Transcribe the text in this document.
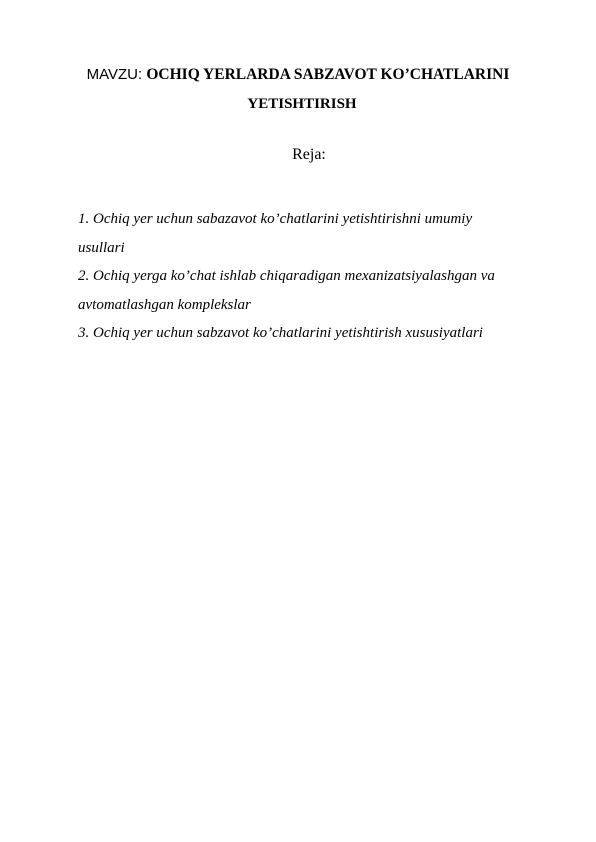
MAVZU: OCHIQ YERLARDA SABZAVOT KO’CHATLARINI
YETISHTIRISH
Reja:
1. Ochiq yer uchun sabazavot ko’chatlarini yetishtirishni umumiy
usullari
2. Ochiq yerga ko’chat ishlab chiqaradigan mexanizatsiyalashgan va
avtomatlashgan komplekslar
3. Ochiq yer uchun sabzavot ko’chatlarini yetishtirish xususiyatlari
